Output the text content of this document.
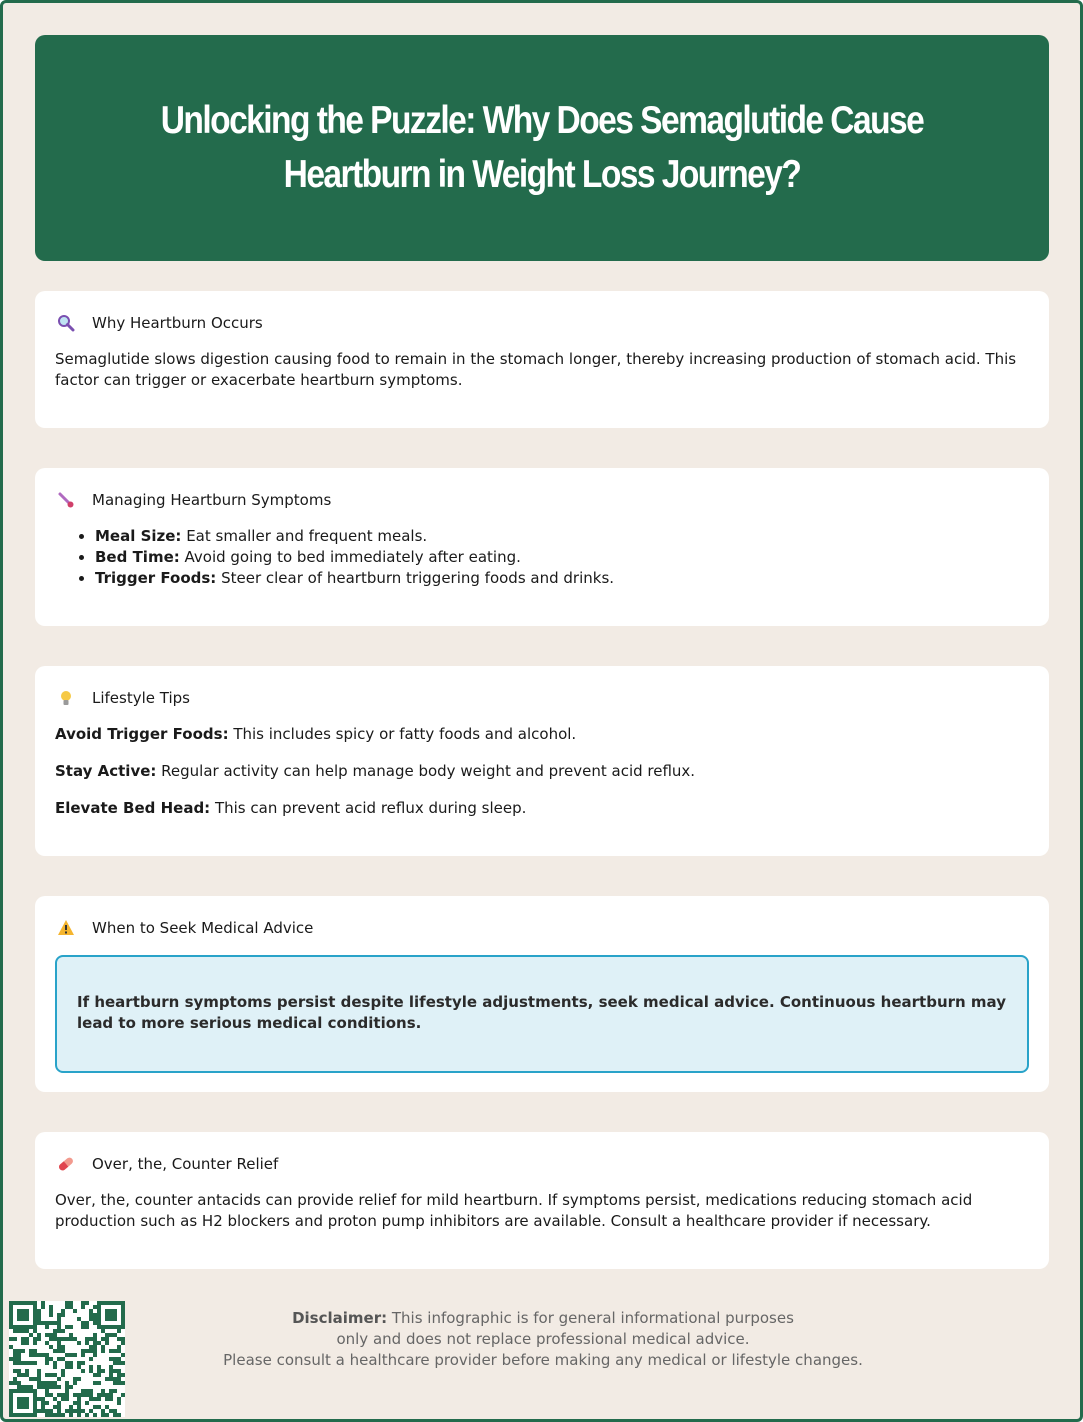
Unlocking the Puzzle: Why Does Semaglutide Cause Heartburn in Weight Loss Journey?
Why Heartburn Occurs

Semaglutide slows digestion causing food to remain in the stomach longer, thereby increasing production of stomach acid. This factor can trigger or exacerbate heartburn symptoms.

Managing Heartburn Symptoms
• Meal Size: Eat smaller and frequent meals.
• Bed Time: Avoid going to bed immediately after eating.
• Trigger Foods: Steer clear of heartburn triggering foods and drinks.
Lifestyle Tips

Avoid Trigger Foods: This includes spicy or fatty foods and alcohol.

Stay Active: Regular activity can help manage body weight and prevent acid reflux.

Elevate Bed Head: This can prevent acid reflux during sleep.

When to Seek Medical Advice
If heartburn symptoms persist despite lifestyle adjustments, seek medical advice. Continuous heartburn may lead to more serious medical conditions.
Over, the, Counter Relief

Over, the, counter antacids can provide relief for mild heartburn. If symptoms persist, medications reducing stomach acid production such as H2 blockers and proton pump inhibitors are available. Consult a healthcare provider if necessary.

Disclaimer: This infographic is for general informational purposes
only and does not replace professional medical advice.
Please consult a healthcare provider before making any medical or lifestyle changes.
